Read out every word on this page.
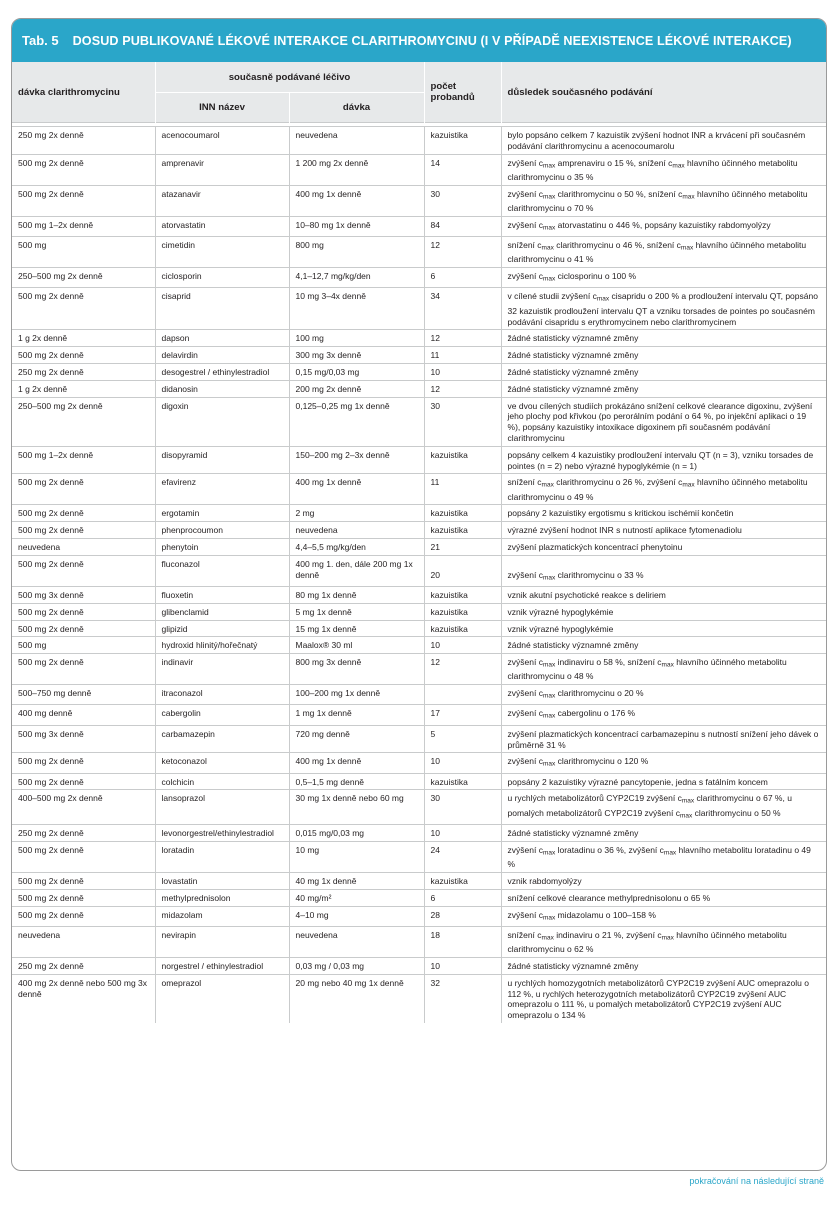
Tab. 5 DOSUD PUBLIKOVANÉ LÉKOVÉ INTERAKCE CLARITHROMYCINU (I V PŘÍPADĚ NEEXISTENCE LÉKOVÉ INTERAKCE)
dávka clarithromycinu	současně podávané léčivo		počet probandů	důsledek současného podávání
	INN název	dávka		

250 mg 2x denně	acenocoumarol	neuvedena	kazuistika	bylo popsáno celkem 7 kazuistik zvýšení hodnot INR a krvácení při současném podávání clarithromycinu a acenocoumarolu
500 mg 2x denně	amprenavir	1 200 mg 2x denně	14	zvýšení $c_{max}$ amprenaviru o 15 %, snížení $c_{max}$ hlavního účinného metabolitu clarithromycinu o 35 %
500 mg 2x denně	atazanavir	400 mg 1x denně	30	zvýšení $c_{max}$ clarithromycinu o 50 %, snížení $c_{max}$ hlavního účinného metabolitu clarithromycinu o 70 %
500 mg 1–2x denně	atorvastatin	10–80 mg 1x denně	84	zvýšení $c_{max}$ atorvastatinu o 446 %, popsány kazuistiky rabdomyolýzy
500 mg	cimetidin	800 mg	12	snížení $c_{max}$ clarithromycinu o 46 %, snížení $c_{max}$ hlavního účinného metabolitu clarithromycinu o 41 %
250–500 mg 2x denně	ciclosporin	4,1–12,7 mg/kg/den	6	zvýšení $c_{max}$ ciclosporinu o 100 %
500 mg 2x denně	cisaprid	10 mg 3–4x denně	34	v cílené studii zvýšení $c_{max}$ cisapridu o 200 % a prodloužení intervalu QT, popsáno 32 kazuistik prodloužení intervalu QT a vzniku torsades de pointes po současném podávání cisapridu s erythromycinem nebo clarithromycinem
1 g 2x denně	dapson	100 mg	12	žádné statisticky významné změny
500 mg 2x denně	delavirdin	300 mg 3x denně	11	žádné statisticky významné změny
250 mg 2x denně	desogestrel / ethinylestradiol	0,15 mg/0,03 mg	10	žádné statisticky významné změny
1 g 2x denně	didanosin	200 mg 2x denně	12	žádné statisticky významné změny
250–500 mg 2x denně	digoxin	0,125–0,25 mg 1x denně	30	ve dvou cílených studiích prokázáno snížení celkové clearance digoxinu, zvýšení jeho plochy pod křivkou (po perorálním podání o 64 %, po injekční aplikaci o 19 %), popsány kazuistiky intoxikace digoxinem při současném podávání clarithromycinu
500 mg 1–2x denně	disopyramid	150–200 mg 2–3x denně	kazuistika	popsány celkem 4 kazuistiky prodloužení intervalu QT (n = 3), vzniku torsades de pointes (n = 2) nebo výrazné hypoglykémie (n = 1)
500 mg 2x denně	efavirenz	400 mg 1x denně	11	snížení $c_{max}$ clarithromycinu o 26 %, zvýšení $c_{max}$ hlavního účinného metabolitu clarithromycinu o 49 %
500 mg 2x denně	ergotamin	2 mg	kazuistika	popsány 2 kazuistiky ergotismu s kritickou ischémií končetin
500 mg 2x denně	phenprocoumon	neuvedena	kazuistika	výrazné zvýšení hodnot INR s nutností aplikace fytomenadiolu
neuvedena	phenytoin	4,4–5,5 mg/kg/den	21	zvýšení plazmatických koncentrací phenytoinu
500 mg 2x denně	fluconazol	400 mg 1. den, dále 200 mg 1x denně	20	zvýšení $c_{max}$ clarithromycinu o 33 %
500 mg 3x denně	fluoxetin	80 mg 1x denně	kazuistika	vznik akutní psychotické reakce s deliriem
500 mg 2x denně	glibenclamid	5 mg 1x denně	kazuistika	vznik výrazné hypoglykémie
500 mg 2x denně	glipizid	15 mg 1x denně	kazuistika	vznik výrazné hypoglykémie
500 mg	hydroxid hlinitý/hořečnatý	Maalox® 30 ml	10	žádné statisticky významné změny
500 mg 2x denně	indinavir	800 mg 3x denně	12	zvýšení $c_{max}$ indinaviru o 58 %, snížení $c_{max}$ hlavního účinného metabolitu clarithromycinu o 48 %
500–750 mg denně	itraconazol	100–200 mg 1x denně		zvýšení $c_{max}$ clarithromycinu o 20 %
400 mg denně	cabergolin	1 mg 1x denně	17	zvýšení $c_{max}$ cabergolinu o 176 %
500 mg 3x denně	carbamazepin	720 mg denně	5	zvýšení plazmatických koncentrací carbamazepinu s nutností snížení jeho dávek o průměrně 31 %
500 mg 2x denně	ketoconazol	400 mg 1x denně	10	zvýšení $c_{max}$ clarithromycinu o 120 %
500 mg 2x denně	colchicin	0,5–1,5 mg denně	kazuistika	popsány 2 kazuistiky výrazné pancytopenie, jedna s fatálním koncem
400–500 mg 2x denně	lansoprazol	30 mg 1x denně nebo 60 mg	30	u rychlých metabolizátorů CYP2C19 zvýšení $c_{max}$ clarithromycinu o 67 %, u pomalých metabolizátorů CYP2C19 zvýšení $c_{max}$ clarithromycinu o 50 %
250 mg 2x denně	levonorgestrel/ethinylestradiol	0,015 mg/0,03 mg	10	žádné statisticky významné změny
500 mg 2x denně	loratadin	10 mg	24	zvýšení $c_{max}$ loratadinu o 36 %, zvýšení $c_{max}$ hlavního metabolitu loratadinu o 49 %
500 mg 2x denně	lovastatin	40 mg 1x denně	kazuistika	vznik rabdomyolýzy
500 mg 2x denně	methylprednisolon	40 mg/m²	6	snížení celkové clearance methylprednisolonu o 65 %
500 mg 2x denně	midazolam	4–10 mg	28	zvýšení $c_{max}$ midazolamu o 100–158 %
neuvedena	nevirapin	neuvedena	18	snížení $c_{max}$ indinaviru o 21 %, zvýšení $c_{max}$ hlavního účinného metabolitu clarithromycinu o 62 %
250 mg 2x denně	norgestrel / ethinylestradiol	0,03 mg / 0,03 mg	10	žádné statisticky významné změny
400 mg 2x denně nebo 500 mg 3x denně	omeprazol	20 mg nebo 40 mg 1x denně	32	u rychlých homozygotních metabolizátorů CYP2C19 zvýšení AUC omeprazolu o 112 %, u rychlých heterozygotních metabolizátorů CYP2C19 zvýšení AUC omeprazolu o 111 %, u pomalých metabolizátorů CYP2C19 zvýšení AUC omeprazolu o 134 %
pokračování na následující straně
